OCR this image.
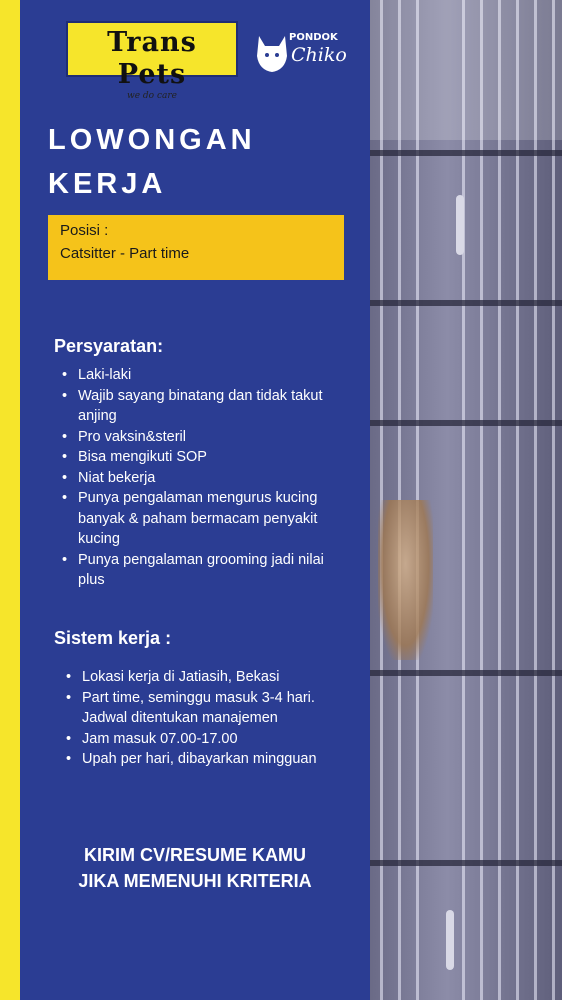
Trans Pets
we do care
PONDOK
Chiko
LOWONGAN
KERJA
Posisi :
Catsitter - Part time
Persyaratan:
• Laki-laki
• Wajib sayang binatang dan tidak takut anjing
• Pro vaksin&steril
• Bisa mengikuti SOP
• Niat bekerja
• Punya pengalaman mengurus kucing banyak & paham bermacam penyakit kucing
• Punya pengalaman grooming jadi nilai plus
Sistem kerja :
• Lokasi kerja di Jatiasih, Bekasi
• Part time, seminggu masuk 3-4 hari. Jadwal ditentukan manajemen
• Jam masuk 07.00-17.00
• Upah per hari, dibayarkan mingguan
KIRIM CV/RESUME KAMU
JIKA MEMENUHI KRITERIA
